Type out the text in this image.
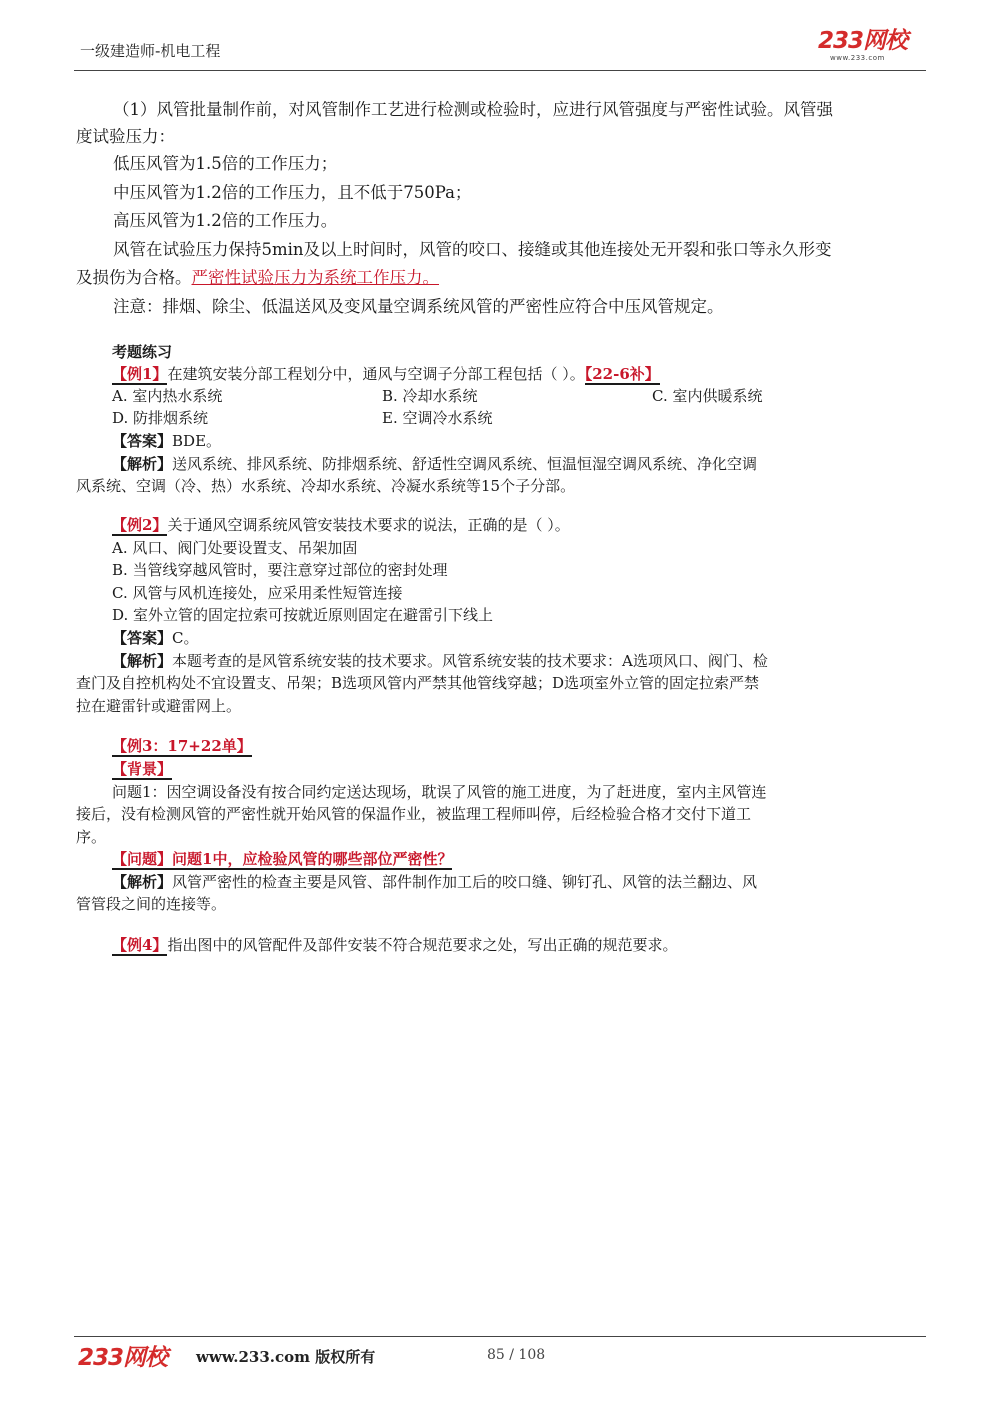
一级建造师-机电工程	233网校
www.233.com
（1）风管批量制作前，对风管制作工艺进行检测或检验时，应进行风管强度与严密性试验。风管强
度试验压力：
低压风管为1.5倍的工作压力；
中压风管为1.2倍的工作压力，且不低于750Pa；
高压风管为1.2倍的工作压力。
风管在试验压力保持5min及以上时间时，风管的咬口、接缝或其他连接处无开裂和张口等永久形变
及损伤为合格。严密性试验压力为系统工作压力。
注意：排烟、除尘、低温送风及变风量空调系统风管的严密性应符合中压风管规定。
考题练习
【例1】在建筑安装分部工程划分中，通风与空调子分部工程包括（ ）。【22-6补】
A. 室内热水系统	B. 冷却水系统	C. 室内供暖系统
D. 防排烟系统	E. 空调冷水系统
【答案】BDE。
【解析】送风系统、排风系统、防排烟系统、舒适性空调风系统、恒温恒湿空调风系统、净化空调
风系统、空调（冷、热）水系统、冷却水系统、冷凝水系统等15个子分部。
【例2】关于通风空调系统风管安装技术要求的说法，正确的是（ ）。
A. 风口、阀门处要设置支、吊架加固
B. 当管线穿越风管时，要注意穿过部位的密封处理
C. 风管与风机连接处，应采用柔性短管连接
D. 室外立管的固定拉索可按就近原则固定在避雷引下线上
【答案】C。
【解析】本题考查的是风管系统安装的技术要求。风管系统安装的技术要求：A选项风口、阀门、检
查门及自控机构处不宜设置支、吊架；B选项风管内严禁其他管线穿越；D选项室外立管的固定拉索严禁
拉在避雷针或避雷网上。
【例3：17+22单】
【背景】
问题1：因空调设备没有按合同约定送达现场，耽误了风管的施工进度，为了赶进度，室内主风管连
接后，没有检测风管的严密性就开始风管的保温作业，被监理工程师叫停，后经检验合格才交付下道工
序。
【问题】问题1中，应检验风管的哪些部位严密性？
【解析】风管严密性的检查主要是风管、部件制作加工后的咬口缝、铆钉孔、风管的法兰翻边、风
管管段之间的连接等。
【例4】指出图中的风管配件及部件安装不符合规范要求之处，写出正确的规范要求。
233网校 www.233.com 版权所有	85 / 108
